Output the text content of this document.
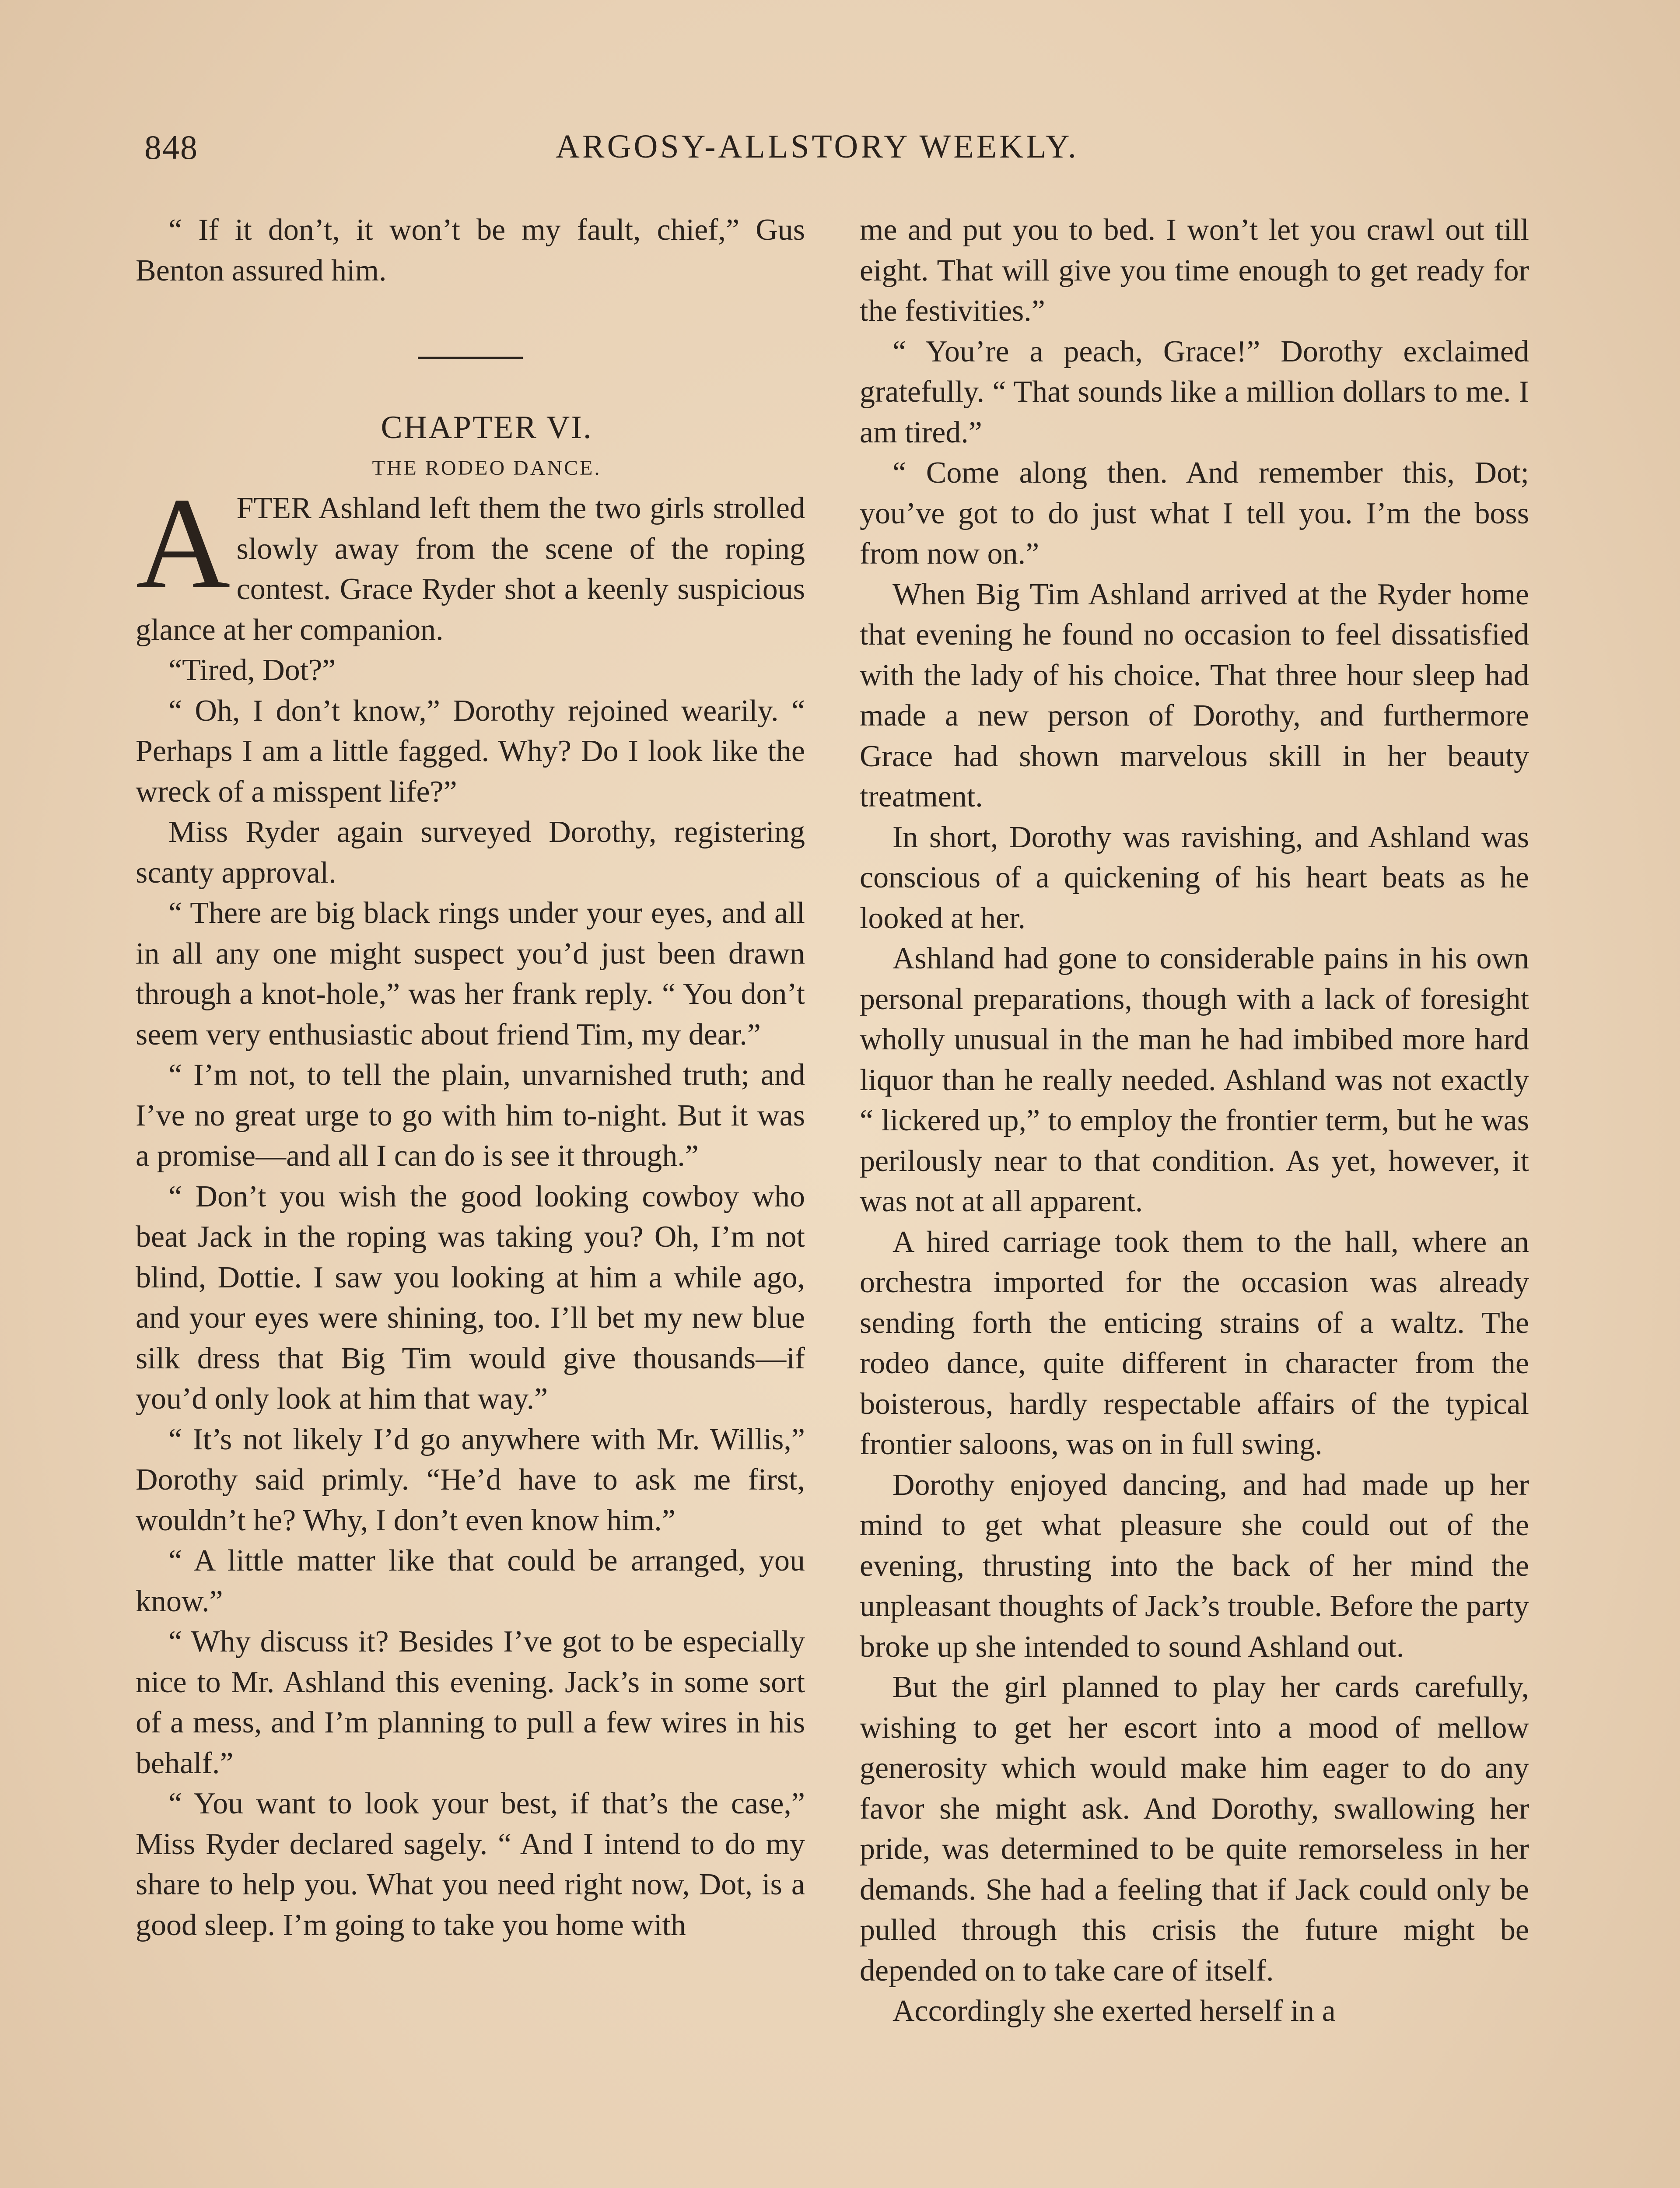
848	ARGOSY-ALLSTORY WEEKLY.

“ If it don’t, it won’t be my fault, chief,” Gus Benton assured him.

CHAPTER VI.

THE RODEO DANCE.

A FTER Ashland left them the two girls strolled slowly away from the scene of the roping contest. Grace Ryder shot a keenly suspicious glance at her companion.

“Tired, Dot?”

“ Oh, I don’t know,” Dorothy rejoined wearily. “ Perhaps I am a little fagged. Why? Do I look like the wreck of a misspent life?”

Miss Ryder again surveyed Dorothy, registering scanty approval.

“ There are big black rings under your eyes, and all in all any one might suspect you’d just been drawn through a knot-hole,” was her frank reply. “ You don’t seem very enthusiastic about friend Tim, my dear.”

“ I’m not, to tell the plain, unvarnished truth; and I’ve no great urge to go with him to-night. But it was a promise—and all I can do is see it through.”

“ Don’t you wish the good looking cowboy who beat Jack in the roping was taking you? Oh, I’m not blind, Dottie. I saw you looking at him a while ago, and your eyes were shining, too. I’ll bet my new blue silk dress that Big Tim would give thousands—if you’d only look at him that way.”

“ It’s not likely I’d go anywhere with Mr. Willis,” Dorothy said primly. “He’d have to ask me first, wouldn’t he? Why, I don’t even know him.”

“ A little matter like that could be arranged, you know.”

“ Why discuss it? Besides I’ve got to be especially nice to Mr. Ashland this evening. Jack’s in some sort of a mess, and I’m planning to pull a few wires in his behalf.”

“ You want to look your best, if that’s the case,” Miss Ryder declared sagely. “ And I intend to do my share to help you. What you need right now, Dot, is a good sleep. I’m going to take you home with

me and put you to bed. I won’t let you crawl out till eight. That will give you time enough to get ready for the festivities.”

“ You’re a peach, Grace!” Dorothy exclaimed gratefully. “ That sounds like a million dollars to me. I am tired.”

“ Come along then. And remember this, Dot; you’ve got to do just what I tell you. I’m the boss from now on.”

When Big Tim Ashland arrived at the Ryder home that evening he found no occasion to feel dissatisfied with the lady of his choice. That three hour sleep had made a new person of Dorothy, and furthermore Grace had shown marvelous skill in her beauty treatment.

In short, Dorothy was ravishing, and Ashland was conscious of a quickening of his heart beats as he looked at her.

Ashland had gone to considerable pains in his own personal preparations, though with a lack of foresight wholly unusual in the man he had imbibed more hard liquor than he really needed. Ashland was not exactly “ lickered up,” to employ the frontier term, but he was perilously near to that condition. As yet, however, it was not at all apparent.

A hired carriage took them to the hall, where an orchestra imported for the occasion was already sending forth the enticing strains of a waltz. The rodeo dance, quite different in character from the boisterous, hardly respectable affairs of the typical frontier saloons, was on in full swing.

Dorothy enjoyed dancing, and had made up her mind to get what pleasure she could out of the evening, thrusting into the back of her mind the unpleasant thoughts of Jack’s trouble. Before the party broke up she intended to sound Ashland out.

But the girl planned to play her cards carefully, wishing to get her escort into a mood of mellow generosity which would make him eager to do any favor she might ask. And Dorothy, swallowing her pride, was determined to be quite remorseless in her demands. She had a feeling that if Jack could only be pulled through this crisis the future might be depended on to take care of itself.

Accordingly she exerted herself in a
